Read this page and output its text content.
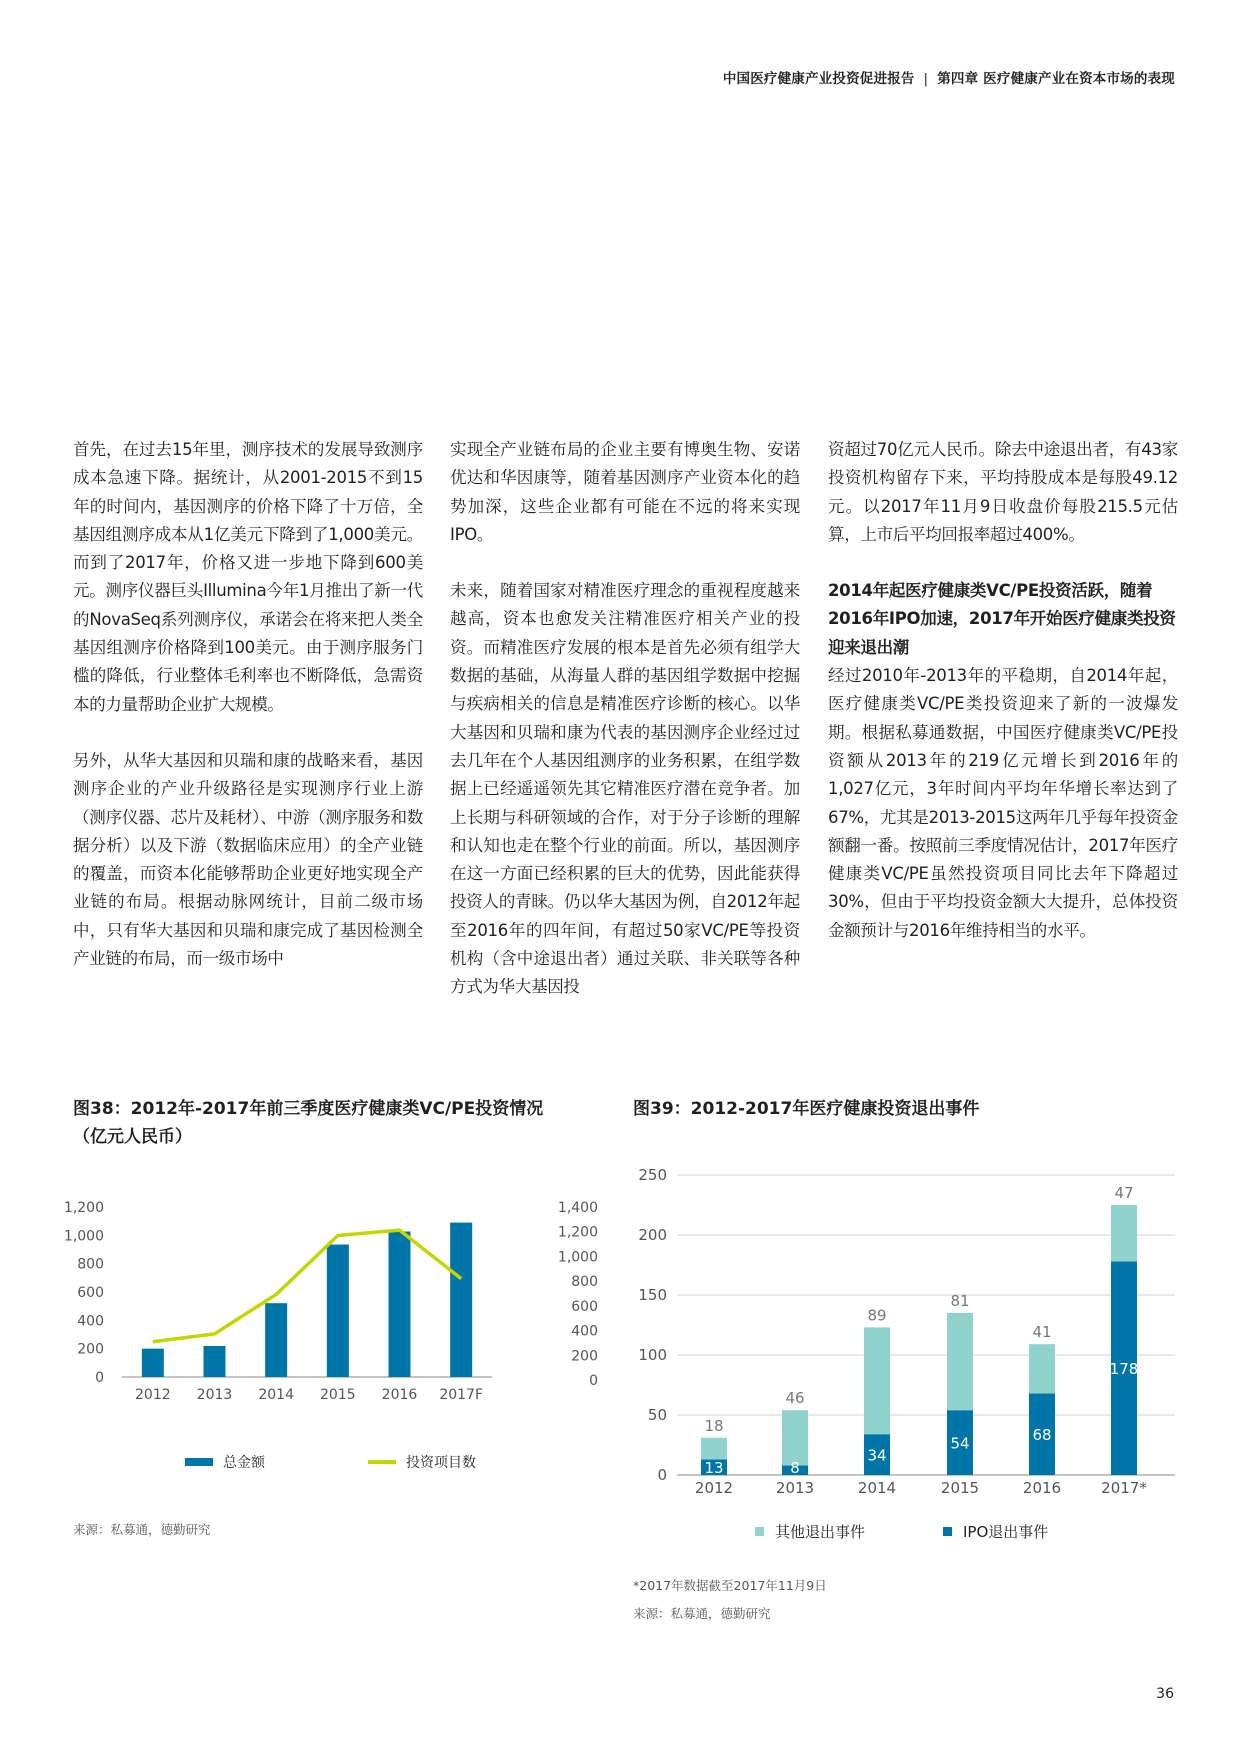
中国医疗健康产业投资促进报告 | 第四章 医疗健康产业在资本市场的表现

首先，在过去15年里，测序技术的发展导致测序成本急速下降。据统计，从2001-2015不到15年的时间内，基因测序的价格下降了十万倍，全基因组测序成本从1亿美元下降到了1,000美元。而到了2017年，价格又进一步地下降到600美元。测序仪器巨头Illumina今年1月推出了新一代的NovaSeq系列测序仪，承诺会在将来把人类全基因组测序价格降到100美元。由于测序服务门槛的降低，行业整体毛利率也不断降低，急需资本的力量帮助企业扩大规模。

另外，从华大基因和贝瑞和康的战略来看，基因测序企业的产业升级路径是实现测序行业上游（测序仪器、芯片及耗材）、中游（测序服务和数据分析）以及下游（数据临床应用）的全产业链的覆盖，而资本化能够帮助企业更好地实现全产业链的布局。根据动脉网统计，目前二级市场中，只有华大基因和贝瑞和康完成了基因检测全产业链的布局，而一级市场中

实现全产业链布局的企业主要有博奥生物、安诺优达和华因康等，随着基因测序产业资本化的趋势加深，这些企业都有可能在不远的将来实现IPO。

未来，随着国家对精准医疗理念的重视程度越来越高，资本也愈发关注精准医疗相关产业的投资。而精准医疗发展的根本是首先必须有组学大数据的基础，从海量人群的基因组学数据中挖掘与疾病相关的信息是精准医疗诊断的核心。以华大基因和贝瑞和康为代表的基因测序企业经过过去几年在个人基因组测序的业务积累，在组学数据上已经遥遥领先其它精准医疗潜在竞争者。加上长期与科研领域的合作，对于分子诊断的理解和认知也走在整个行业的前面。所以，基因测序在这一方面已经积累的巨大的优势，因此能获得投资人的青睐。仍以华大基因为例，自2012年起至2016年的四年间，有超过50家VC/PE等投资机构（含中途退出者）通过关联、非关联等各种方式为华大基因投

资超过70亿元人民币。除去中途退出者，有43家投资机构留存下来，平均持股成本是每股49.12元。以2017年11月9日收盘价每股215.5元估算，上市后平均回报率超过400%。

2014年起医疗健康类VC/PE投资活跃，随着2016年IPO加速，2017年开始医疗健康类投资迎来退出潮

经过2010年-2013年的平稳期，自2014年起，医疗健康类VC/PE类投资迎来了新的一波爆发期。根据私募通数据，中国医疗健康类VC/PE投资额从2013年的219亿元增长到2016年的1,027亿元，3年时间内平均年华增长率达到了67%，尤其是2013-2015这两年几乎每年投资金额翻一番。按照前三季度情况估计，2017年医疗健康类VC/PE虽然投资项目同比去年下降超过30%，但由于平均投资金额大大提升，总体投资金额预计与2016年维持相当的水平。

图38：2012年-2017年前三季度医疗健康类VC/PE投资情况
（亿元人民币）
0
200
400
600
800
1,000
1,200
0
200
400
600
800
1,000
1,200
1,400
2012 2013 2014 2015 2016 2017F
总金额	投资项目数
来源：私募通，德勤研究
图39：2012-2017年医疗健康投资退出事件
0
50
100
150
200
250
18
13
2012
46
8
2013
89
34
2014
81
54
2015
41
68
2016
47
178
2017*
其他退出事件	IPO退出事件
*2017年数据截至2017年11月9日
来源：私募通，德勤研究
36
